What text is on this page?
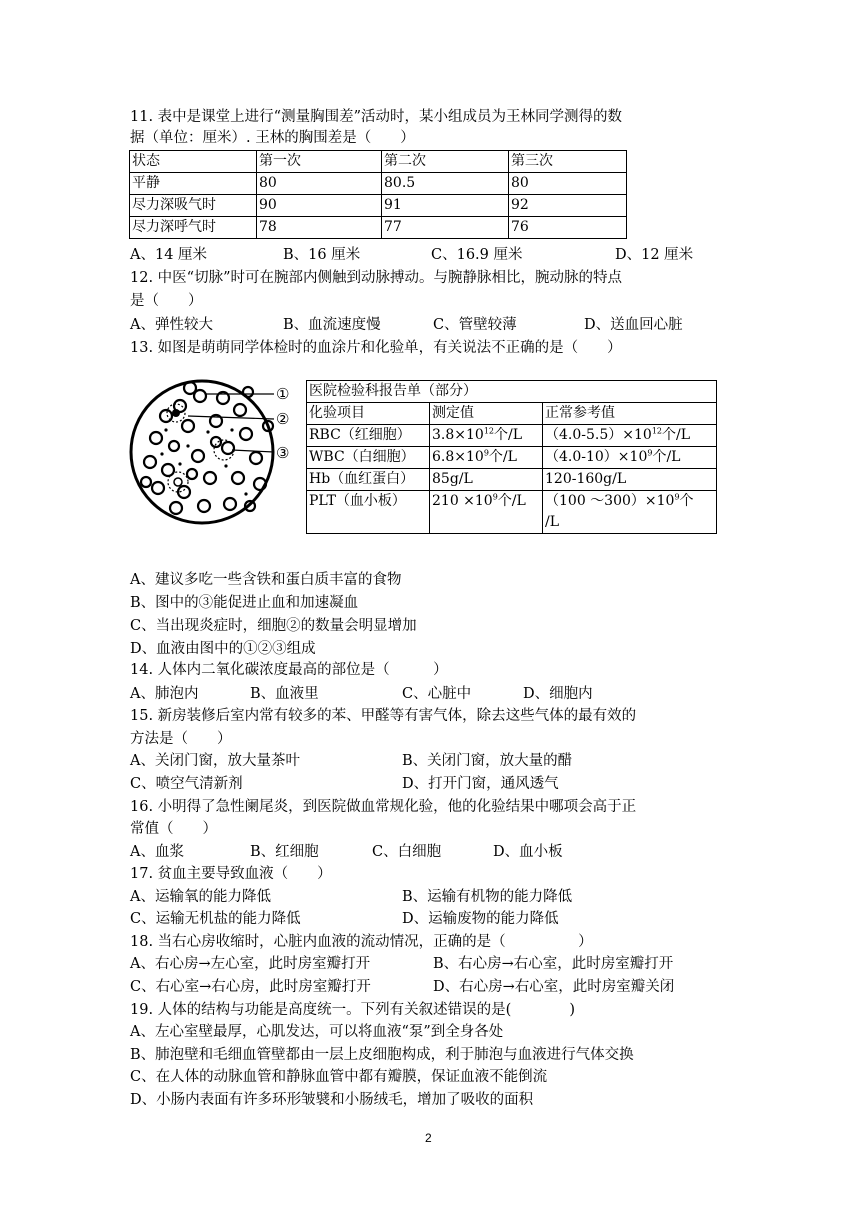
11. 表中是课堂上进行“测量胸围差”活动时，某小组成员为王林同学测得的数
据（单位：厘米）. 王林的胸围差是（　　）
状态	第一次	第二次	第三次
平静	80	80.5	80
尽力深吸气时	90	91	92
尽力深呼气时	78	77	76
A、14 厘米	B、16 厘米	C、16.9 厘米	D、12 厘米
12. 中医“切脉”时可在腕部内侧触到动脉搏动。与腕静脉相比，腕动脉的特点
是（　　）
A、弹性较大	B、血流速度慢	C、管壁较薄	D、送血回心脏
13. 如图是萌萌同学体检时的血涂片和化验单，有关说法不正确的是（　　）
①
②
③
医院检验科报告单（部分）		
化验项目	测定值	正常参考值
RBC（红细胞）	$3.8\times 10^{12}$个/L	$(4.0-5.5)\times 10^{12}$个/L
WBC（白细胞）	$6.8\times 10^9$个/L	$(4.0-10)\times 10^9$个/L
Hb（血红蛋白）	85g/L	120-160g/L
PLT（血小板）	$210 \times 10^9$个/L	（100 $\sim 300)\times 10^9$个
/L
A、建议多吃一些含铁和蛋白质丰富的食物
B、图中的③能促进止血和加速凝血
C、当出现炎症时，细胞②的数量会明显增加
D、血液由图中的①②③组成
14. 人体内二氧化碳浓度最高的部位是（　　　）
A、肺泡内	B、血液里	C、心脏中	D、细胞内
15. 新房装修后室内常有较多的苯、甲醛等有害气体，除去这些气体的最有效的
方法是（　　）
A、关闭门窗，放大量茶叶	B、关闭门窗，放大量的醋
C、喷空气清新剂	D、打开门窗，通风透气
16. 小明得了急性阑尾炎，到医院做血常规化验，他的化验结果中哪项会高于正
常值（　　）
A、血浆	B、红细胞	C、白细胞	D、血小板
17. 贫血主要导致血液（　　）
A、运输氧的能力降低	B、运输有机物的能力降低
C、运输无机盐的能力降低	D、运输废物的能力降低
18. 当右心房收缩时，心脏内血液的流动情况，正确的是（　　　　　）
A、右心房→左心室，此时房室瓣打开	B、右心房→右心室，此时房室瓣打开
C、右心室→右心房，此时房室瓣打开	D、右心房→右心室，此时房室瓣关闭
19. 人体的结构与功能是高度统一。下列有关叙述错误的是(　　　　)
A、左心室壁最厚，心肌发达，可以将血液“泵”到全身各处
B、肺泡壁和毛细血管壁都由一层上皮细胞构成，利于肺泡与血液进行气体交换
C、在人体的动脉血管和静脉血管中都有瓣膜，保证血液不能倒流
D、小肠内表面有许多环形皱襞和小肠绒毛，增加了吸收的面积
2
